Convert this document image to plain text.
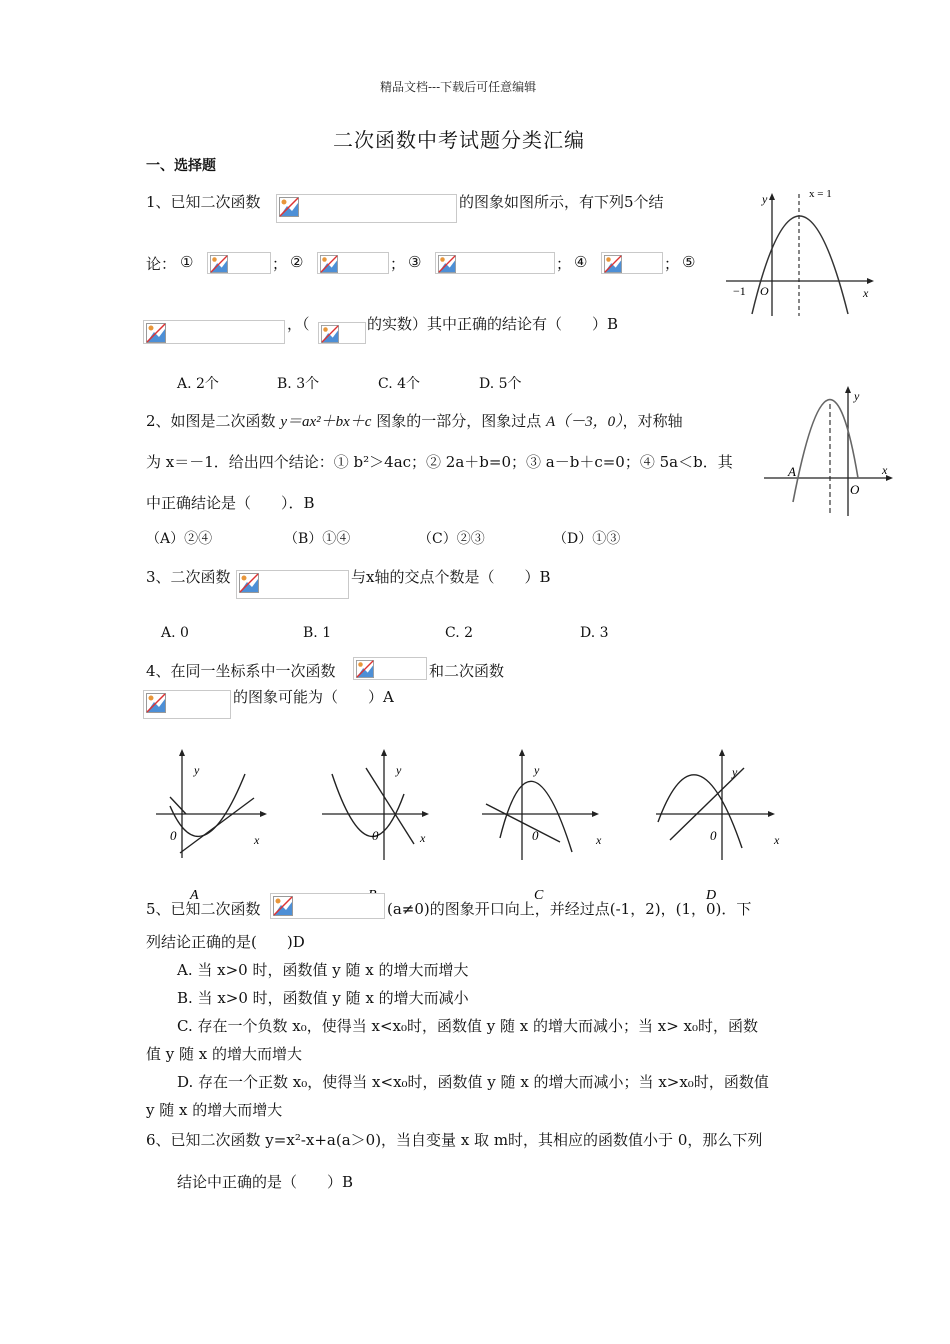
精品文档---下载后可任意编辑
二次函数中考试题分类汇编
一、选择题
1、已知二次函数	的图象如图所示，有下列5个结
论： ①	； ②	； ③	； ④	； ⑤
，（	的实数）其中正确的结论有（　　）B
A. 2个	B. 3个	C. 4个	D. 5个
y
x
O
−1
x = 1
2、如图是二次函数 y＝ax²＋bx＋c 图象的一部分，图象过点 A（－3，0），对称轴
为 x＝－1．给出四个结论：① b²＞4ac；② 2a＋b=0；③ a－b＋c=0；④ 5a＜b．其
中正确结论是（　　）．B
（A）②④	（B）①④	（C）②③	（D）①③
y
x
O
A
3、二次函数	与x轴的交点个数是（　　）B
A. 0	B. 1	C. 2	D. 3
4、在同一坐标系中一次函数	和二次函数
的图象可能为（　　）A
y
x
0
A
y
x
0
y
x
0
C
y
x
0
D
5、已知二次函数	(a≠0)的图象开口向上，并经过点(-1，2)，(1，0)．下
列结论正确的是(　　)D
A. 当 x>0 时，函数值 y 随 x 的增大而增大
B. 当 x>0 时，函数值 y 随 x 的增大而减小
C. 存在一个负数 x₀，使得当 x<x₀时，函数值 y 随 x 的增大而减小；当 x> x₀时，函数
值 y 随 x 的增大而增大
D. 存在一个正数 x₀，使得当 x<x₀时，函数值 y 随 x 的增大而减小；当 x>x₀时，函数值
y 随 x 的增大而增大
6、已知二次函数 y=x²-x+a(a＞0)，当自变量 x 取 m时，其相应的函数值小于 0，那么下列
结论中正确的是（　　）B
